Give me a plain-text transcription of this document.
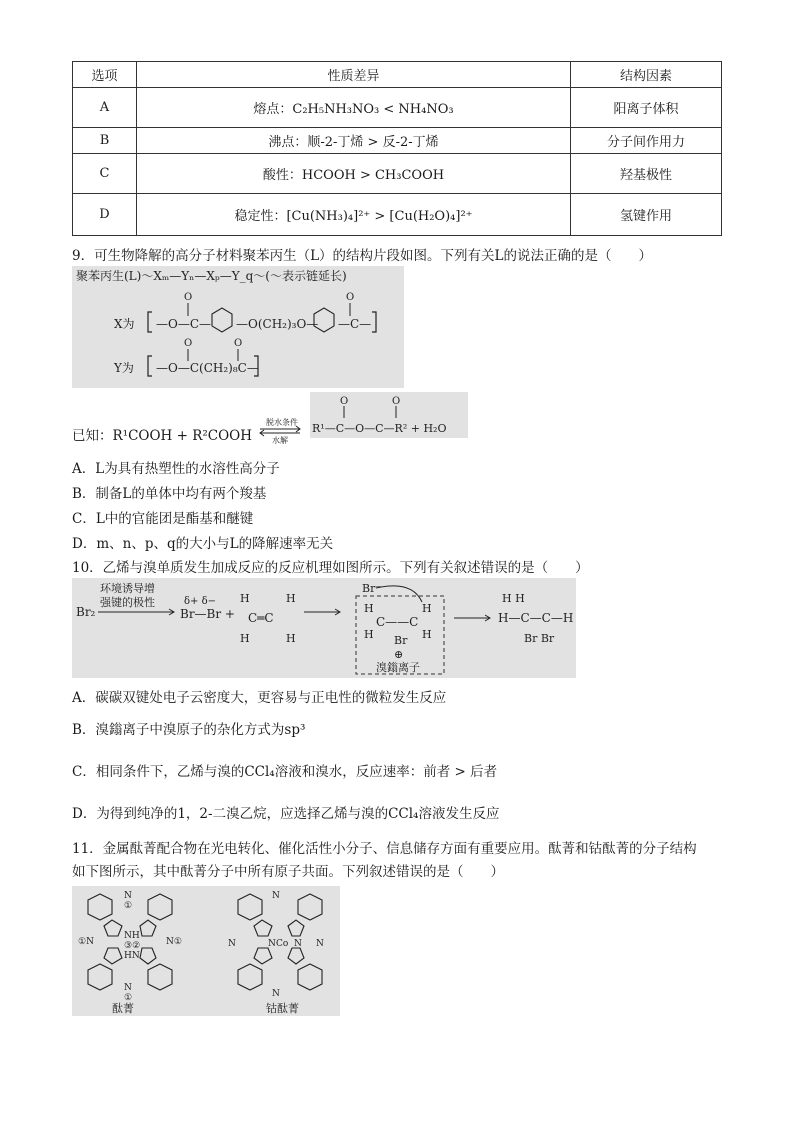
选项	性质差异	结构因素
A	熔点：C₂H₅NH₃NO₃ < NH₄NO₃	阳离子体积
B	沸点：顺-2-丁烯 > 反-2-丁烯	分子间作用力
C	酸性：HCOOH > CH₃COOH	羟基极性
D	稳定性：[Cu(NH₃)₄]²⁺ > [Cu(H₂O)₄]²⁺	氢键作用
9．可生物降解的高分子材料聚苯丙生（L）的结构片段如图。下列有关L的说法正确的是（　　）
聚苯丙生(L)～Xₘ—Yₙ—Xₚ—Y_q～(～表示链延长)
X为 —O—C—
O
—O(CH₂)₃O— —C—
O
Y为 —O—C(CH₂)₈C—
O	O
已知：R¹COOH + R²COOH
脱水条件
水解
O	O
R¹—C—O—C—R² + H₂O
A．L为具有热塑性的水溶性高分子
B．制备L的单体中均有两个羧基
C．L中的官能团是酯基和醚键
D．m、n、p、q的大小与L的降解速率无关
10．乙烯与溴单质发生加成反应的反应机理如图所示。下列有关叙述错误的是（　　）
Br₂
环境诱导增
强键的极性	δ+ δ−
Br—Br +
H	H
C═C
H	H
Br⁻
H	H
C——C
H	H
Br
⊕
溴鎓离子
H H
H—C—C—H
Br Br
A．碳碳双键处电子云密度大，更容易与正电性的微粒发生反应
B．溴鎓离子中溴原子的杂化方式为sp³
C．相同条件下，乙烯与溴的CCl₄溶液和溴水，反应速率：前者 > 后者
D．为得到纯净的1，2-二溴乙烷，应选择乙烯与溴的CCl₄溶液发生反应
11．金属酞菁配合物在光电转化、催化活性小分子、信息储存方面有重要应用。酞菁和钴酞菁的分子结构
如下图所示，其中酞菁分子中所有原子共面。下列叙述错误的是（　　）
N
①
NH
③②
HN
①N	N①
N
①
N
N Co N
N	N
N
酞菁	钴酞菁
